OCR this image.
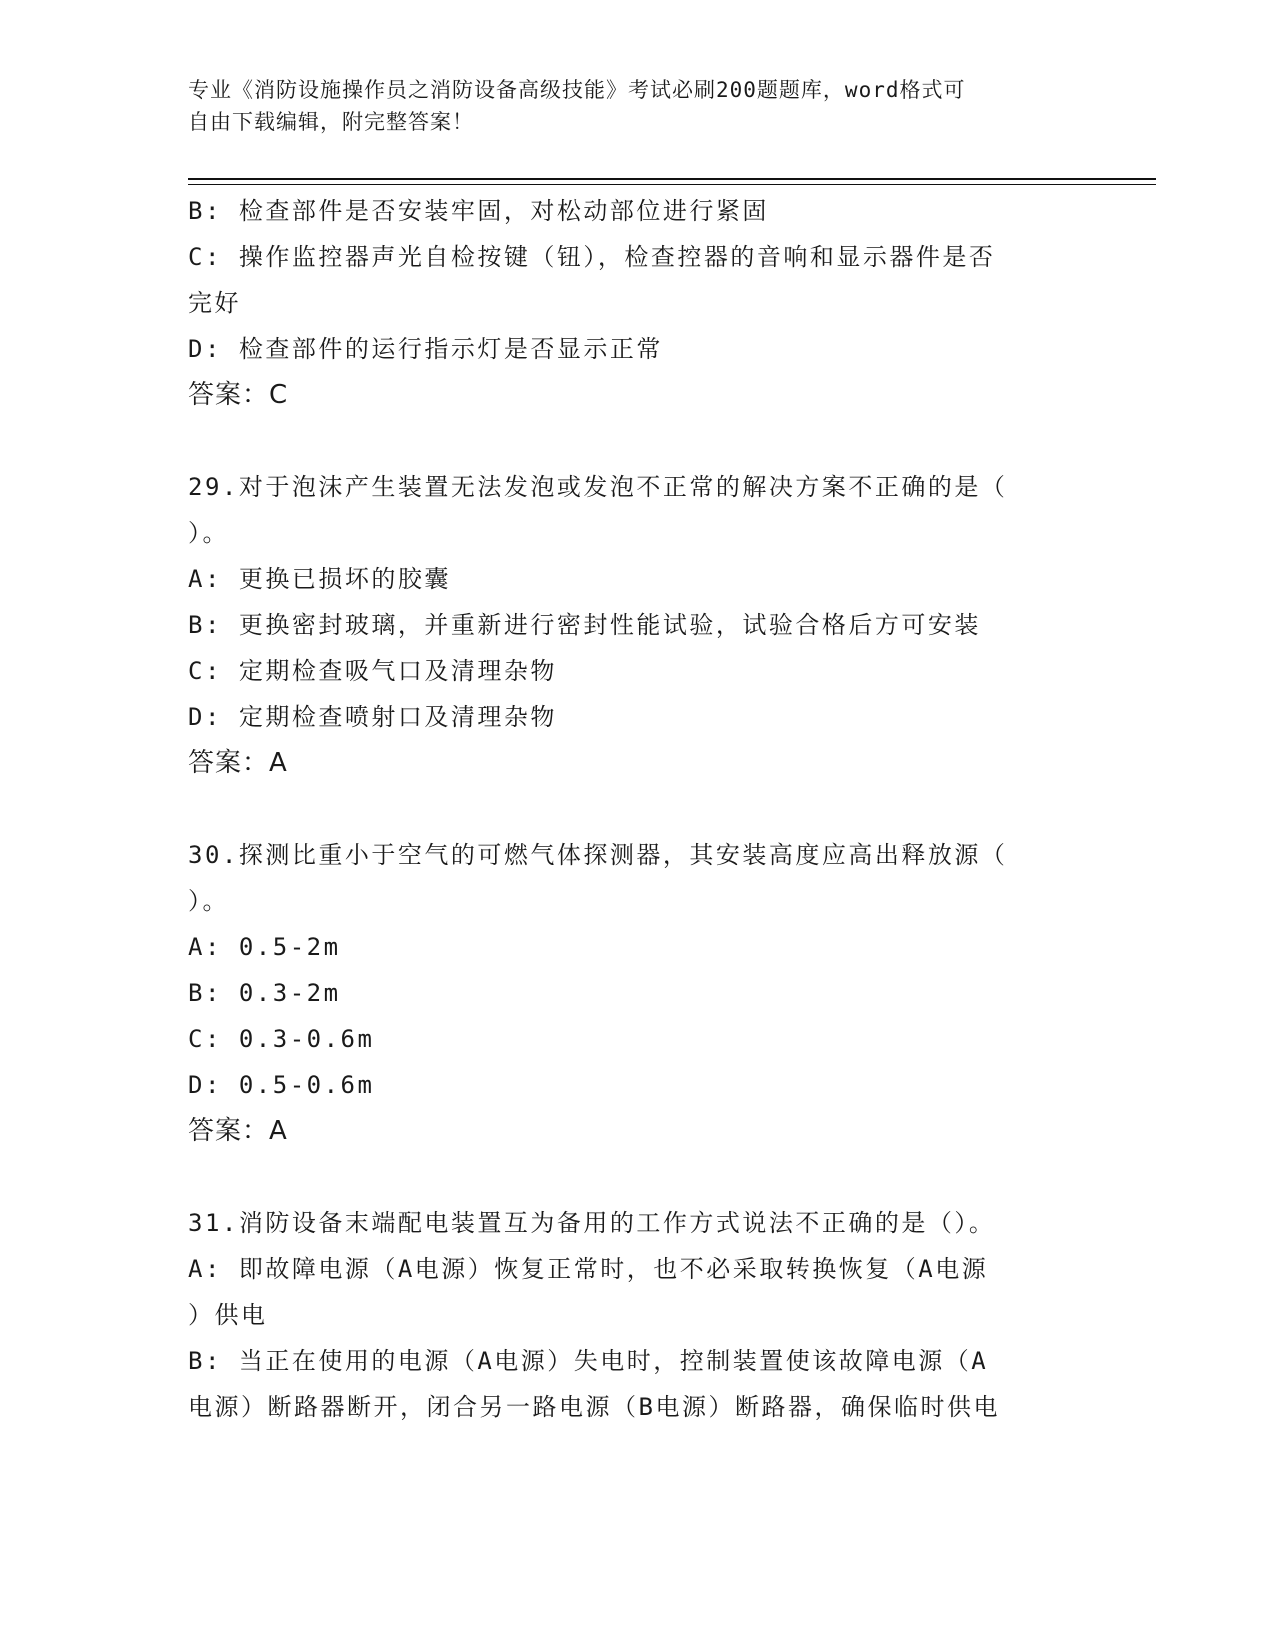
专业《消防设施操作员之消防设备高级技能》考试必刷200题题库，word格式可
自由下载编辑，附完整答案！
B: 检查部件是否安装牢固，对松动部位进行紧固
C: 操作监控器声光自检按键（钮），检查控器的音响和显示器件是否
完好
D: 检查部件的运行指示灯是否显示正常
答案：C
29.对于泡沫产生装置无法发泡或发泡不正常的解决方案不正确的是（
）。
A: 更换已损坏的胶囊
B: 更换密封玻璃，并重新进行密封性能试验，试验合格后方可安装
C: 定期检查吸气口及清理杂物
D: 定期检查喷射口及清理杂物
答案：A
30.探测比重小于空气的可燃气体探测器，其安装高度应高出释放源（
）。
A: 0.5-2m
B: 0.3-2m
C: 0.3-0.6m
D: 0.5-0.6m
答案：A
31.消防设备末端配电装置互为备用的工作方式说法不正确的是（）。
A: 即故障电源（A电源）恢复正常时，也不必采取转换恢复（A电源
）供电
B: 当正在使用的电源（A电源）失电时，控制装置使该故障电源（A
电源）断路器断开，闭合另一路电源（B电源）断路器，确保临时供电
